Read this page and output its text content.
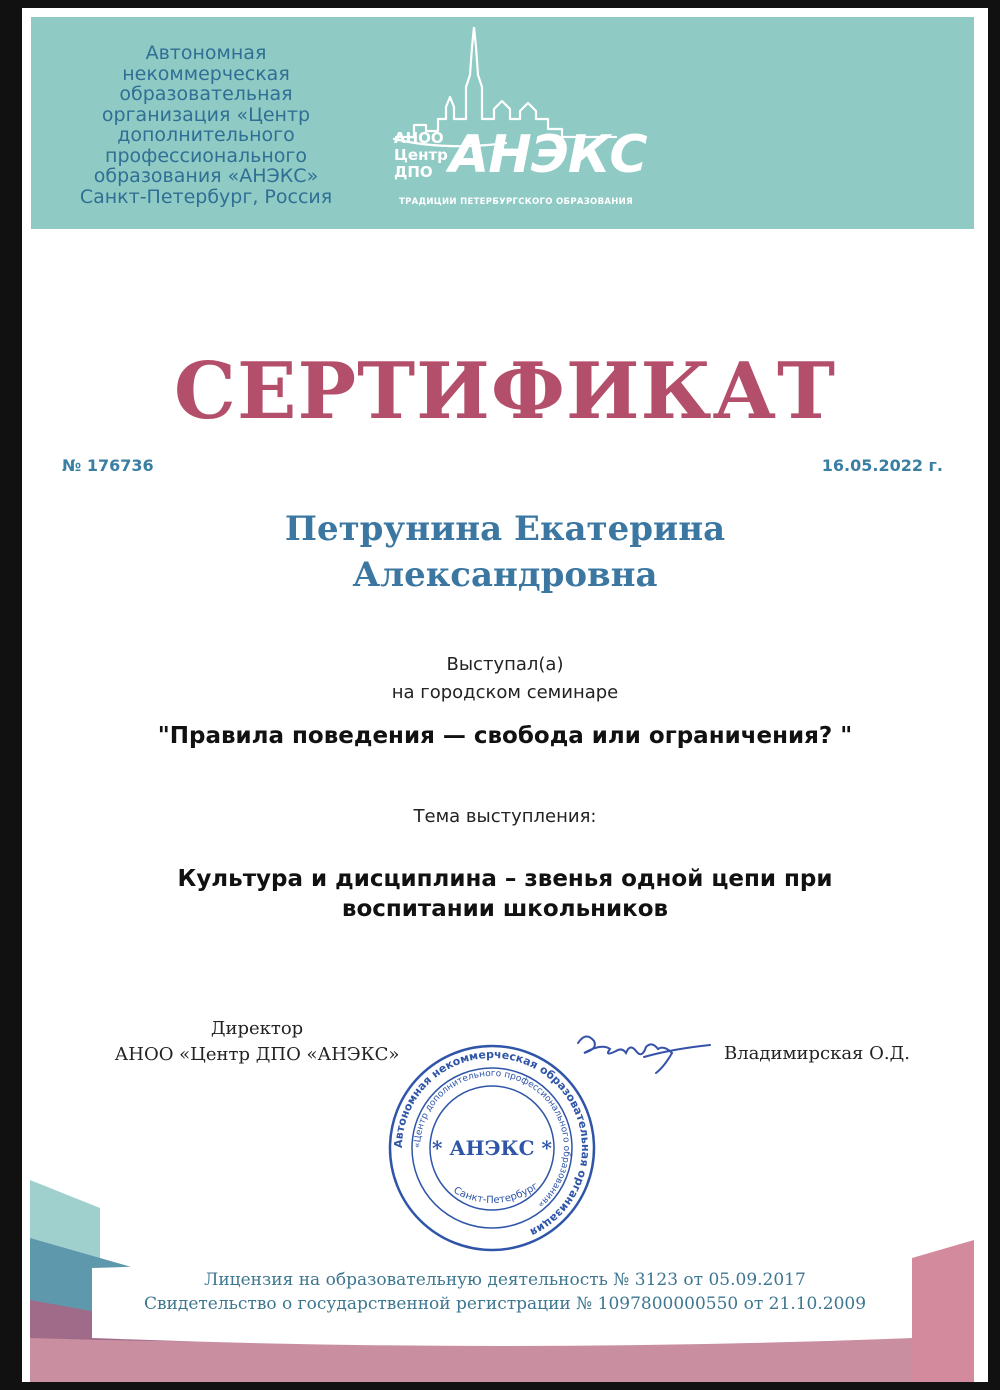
Автономная
некоммерческая
образовательная
организация «Центр
дополнительного
профессионального
образования «АНЭКС»
Санкт-Петербург, Россия
АНОО
Центр
ДПО АНЭКС
ТРАДИЦИИ ПЕТЕРБУРГСКОГО ОБРАЗОВАНИЯ
СЕРТИФИКАТ
№ 176736	16.05.2022 г.
Петрунина Екатерина
Александровна
Выступал(а)
на городском семинаре
"Правила поведения — свобода или ограничения? "
Тема выступления:
Культура и дисциплина – звенья одной цепи при
воспитании школьников
Директор
АНОО «Центр ДПО «АНЭКС»	Владимирская О.Д.
Автономная некоммерческая образовательная организация
«Центр дополнительного профессионального образования»
* АНЭКС *
Санкт-Петербург
Лицензия на образовательную деятельность № 3123 от 05.09.2017
Свидетельство о государственной регистрации № 1097800000550 от 21.10.2009
